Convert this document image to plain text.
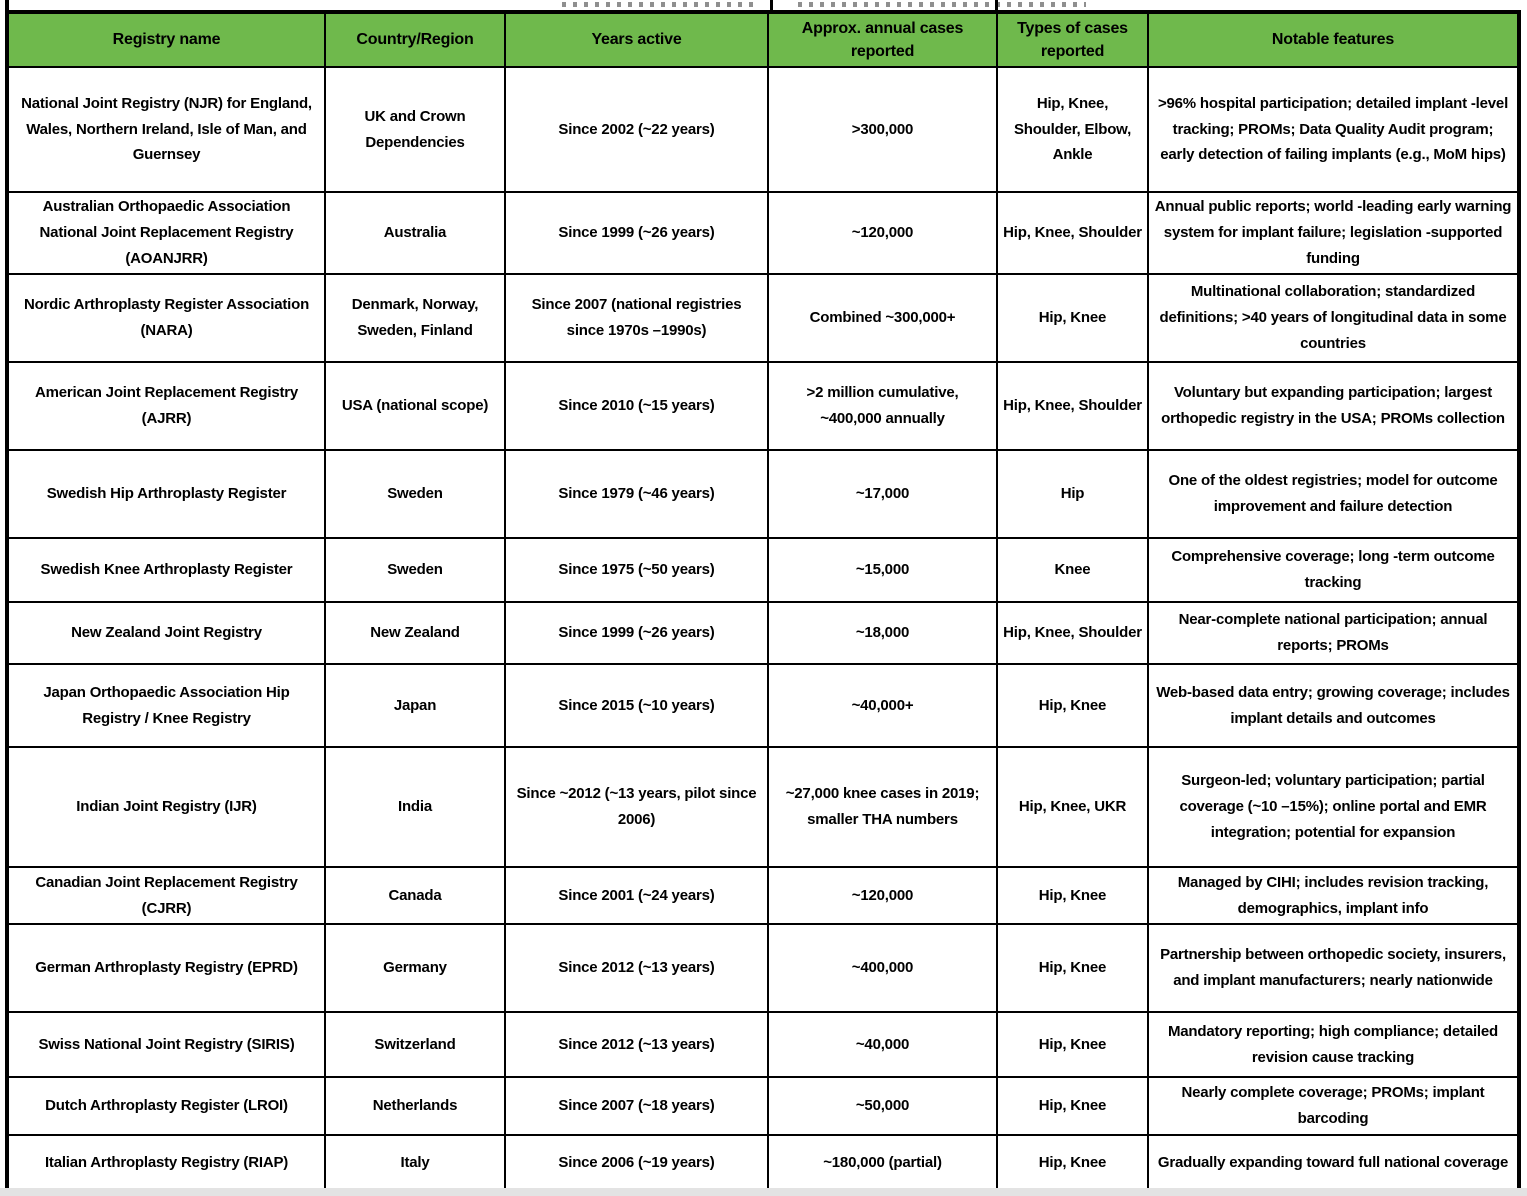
Registry name	Country/Region	Years active	Approx. annual cases reported	Types of cases reported	Notable features
National Joint Registry (NJR) for England, Wales, Northern Ireland, Isle of Man, and Guernsey	UK and Crown Dependencies	Since 2002 (~22 years)	>300,000	Hip, Knee, Shoulder, Elbow, Ankle	>96% hospital participation; detailed implant -level tracking; PROMs; Data Quality Audit program; early detection of failing implants (e.g., MoM hips)
Australian Orthopaedic Association National Joint Replacement Registry (AOANJRR)	Australia	Since 1999 (~26 years)	~120,000	Hip, Knee, Shoulder	Annual public reports; world -leading early warning system for implant failure; legislation -supported funding
Nordic Arthroplasty Register Association (NARA)	Denmark, Norway, Sweden, Finland	Since 2007 (national registries since 1970s –1990s)	Combined ~300,000+	Hip, Knee	Multinational collaboration; standardized definitions; >40 years of longitudinal data in some countries
American Joint Replacement Registry (AJRR)	USA (national scope)	Since 2010 (~15 years)	>2 million cumulative, ~400,000 annually	Hip, Knee, Shoulder	Voluntary but expanding participation; largest orthopedic registry in the USA; PROMs collection
Swedish Hip Arthroplasty Register	Sweden	Since 1979 (~46 years)	~17,000	Hip	One of the oldest registries; model for outcome improvement and failure detection
Swedish Knee Arthroplasty Register	Sweden	Since 1975 (~50 years)	~15,000	Knee	Comprehensive coverage; long -term outcome tracking
New Zealand Joint Registry	New Zealand	Since 1999 (~26 years)	~18,000	Hip, Knee, Shoulder	Near-complete national participation; annual reports; PROMs
Japan Orthopaedic Association Hip Registry / Knee Registry	Japan	Since 2015 (~10 years)	~40,000+	Hip, Knee	Web-based data entry; growing coverage; includes implant details and outcomes
Indian Joint Registry (IJR)	India	Since ~2012 (~13 years, pilot since 2006)	~27,000 knee cases in 2019; smaller THA numbers	Hip, Knee, UKR	Surgeon-led; voluntary participation; partial coverage (~10 –15%); online portal and EMR integration; potential for expansion
Canadian Joint Replacement Registry (CJRR)	Canada	Since 2001 (~24 years)	~120,000	Hip, Knee	Managed by CIHI; includes revision tracking, demographics, implant info
German Arthroplasty Registry (EPRD)	Germany	Since 2012 (~13 years)	~400,000	Hip, Knee	Partnership between orthopedic society, insurers, and implant manufacturers; nearly nationwide
Swiss National Joint Registry (SIRIS)	Switzerland	Since 2012 (~13 years)	~40,000	Hip, Knee	Mandatory reporting; high compliance; detailed revision cause tracking
Dutch Arthroplasty Register (LROI)	Netherlands	Since 2007 (~18 years)	~50,000	Hip, Knee	Nearly complete coverage; PROMs; implant barcoding
Italian Arthroplasty Registry (RIAP)	Italy	Since 2006 (~19 years)	~180,000 (partial)	Hip, Knee	Gradually expanding toward full national coverage
